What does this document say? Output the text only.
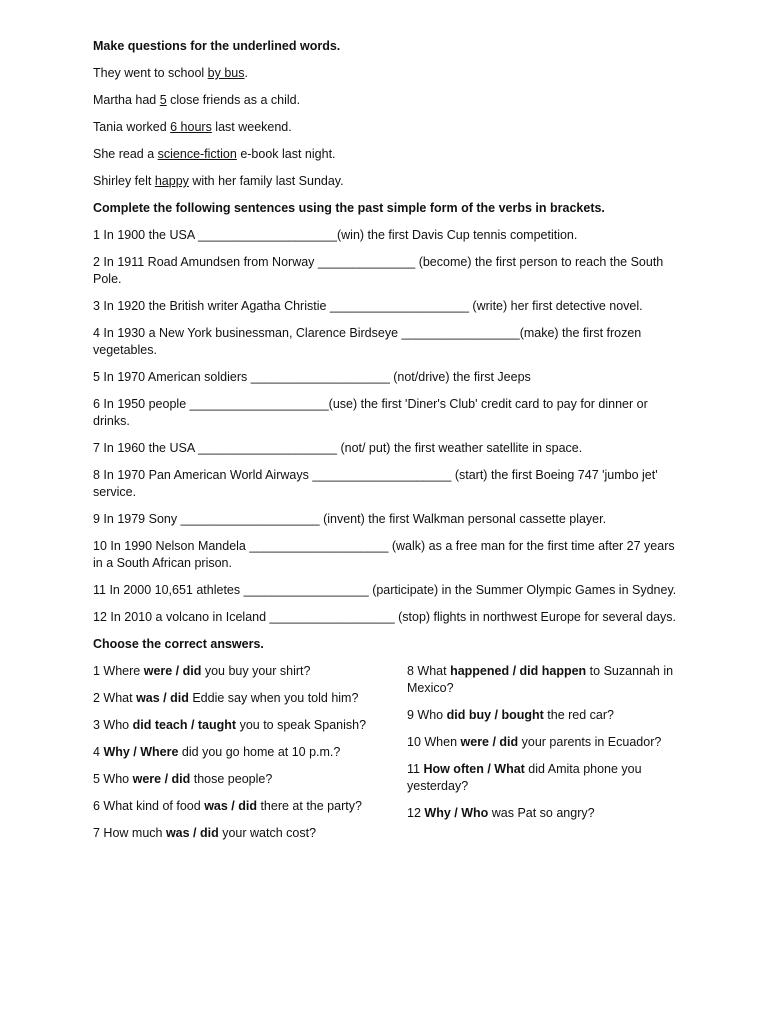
Make questions for the underlined words.
They went to school by bus.
Martha had 5 close friends as a child.
Tania worked 6 hours last weekend.
She read a science-fiction e-book last night.
Shirley felt happy with her family last Sunday.
Complete the following sentences using the past simple form of the verbs in brackets.
1 In 1900 the USA ____________________(win) the first Davis Cup tennis competition.
2 In 1911 Road Amundsen from Norway ______________ (become) the first person to reach the South Pole.
3 In 1920 the British writer Agatha Christie ____________________ (write) her first detective novel.
4 In 1930 a New York businessman, Clarence Birdseye _________________(make) the first frozen vegetables.
5 In 1970 American soldiers ____________________ (not/drive) the first Jeeps
6 In 1950 people ____________________(use) the first 'Diner's Club' credit card to pay for dinner or drinks.
7 In 1960 the USA ____________________ (not/ put) the first weather satellite in space.
8 In 1970 Pan American World Airways ____________________ (start) the first Boeing 747 'jumbo jet' service.
9 In 1979 Sony ____________________ (invent) the first Walkman personal cassette player.
10 In 1990 Nelson Mandela ____________________ (walk) as a free man for the first time after 27 years in a South African prison.
11 In 2000 10,651 athletes __________________ (participate) in the Summer Olympic Games in Sydney.
12 In 2010 a volcano in Iceland __________________ (stop) flights in northwest Europe for several days.
Choose the correct answers.
1 Where were / did you buy your shirt?
2 What was / did Eddie say when you told him?
3 Who did teach / taught you to speak Spanish?
4 Why / Where did you go home at 10 p.m.?
5 Who were / did those people?
6 What kind of food was / did there at the party?
7 How much was / did your watch cost?
8 What happened / did happen to Suzannah in Mexico?
9 Who did buy / bought the red car?
10 When were / did your parents in Ecuador?
11 How often / What did Amita phone you yesterday?
12 Why / Who was Pat so angry?
